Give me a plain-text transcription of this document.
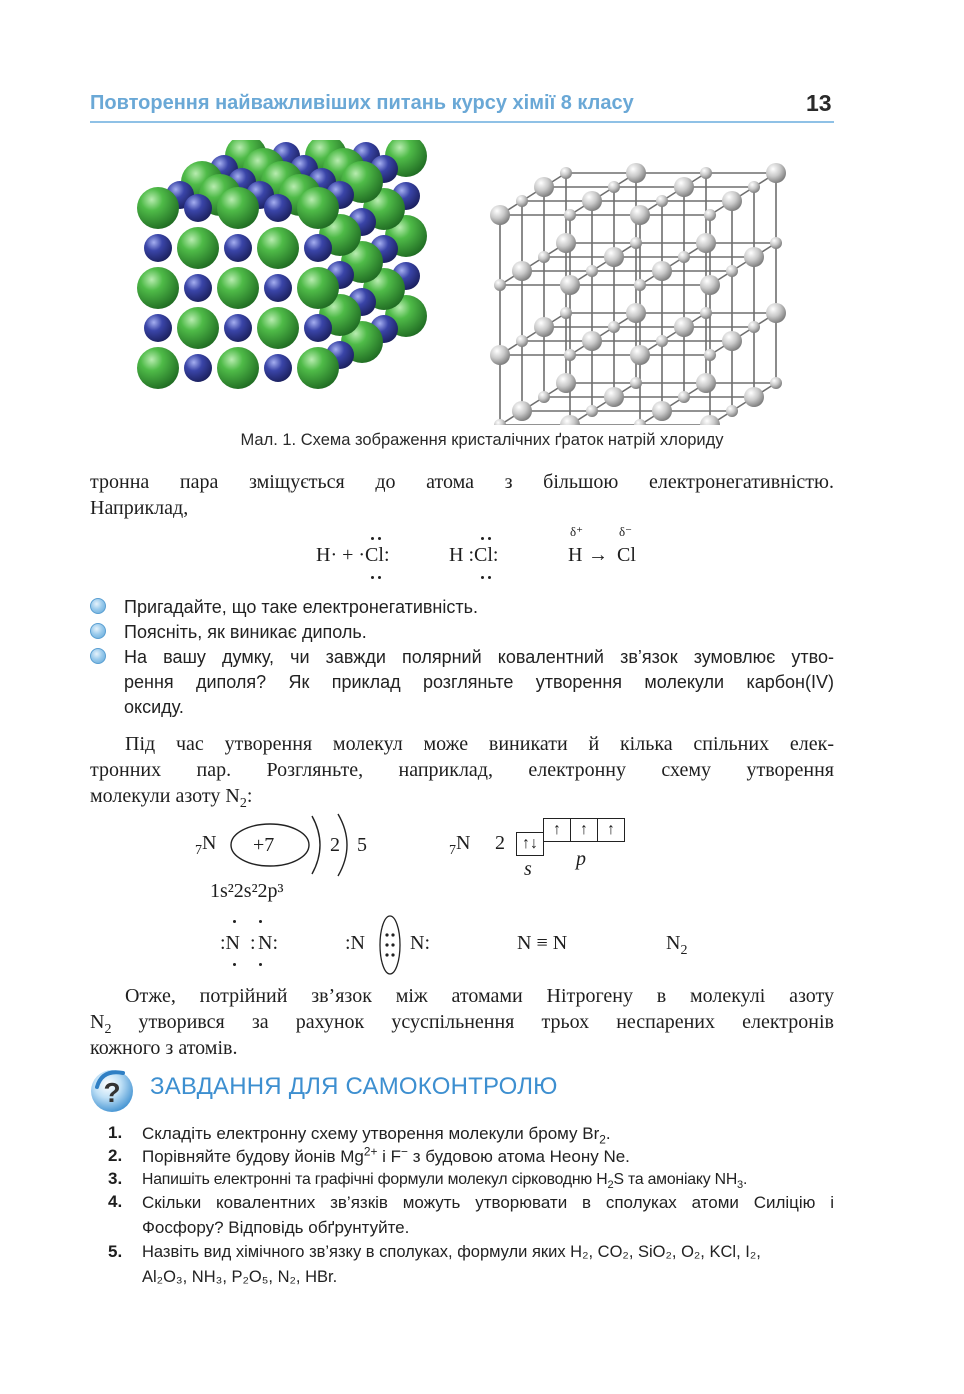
Повторення найважливіших питань курсу хімії 8 класу	13
Мал. 1. Схема зображення кристалічних ґраток натрій хлориду
тронна пара зміщується до атома з більшою електронегативністю.
Наприклад,
H· + ·Cl:	H :Cl:	H → Cl
δ⁺	δ⁻
Пригадайте, що таке електронегативність.
Поясніть, як виникає диполь.
На вашу думку, чи завжди полярний ковалентний зв’язок зумовлює утво-
рення диполя? Як приклад розгляньте утворення молекули карбон(IV)
оксиду.
Під час утворення молекул може виникати й кілька спільних елек-
тронних пар. Розгляньте, наприклад, електронну схему утворення
молекули азоту $N_2$:
$_7$N +7	2 5
1s²2s²2p³
$_7$N 2	↑↓
↑	↑	↑
s p
:N : N:	:N N:	N ≡ N	$N_2$
Отже, потрійний зв’язок між атомами Нітрогену в молекулі азоту
$N_2$ утворився за рахунок усуспільнення трьох неспарених електронів
кожного з атомів.
? ЗАВДАННЯ ДЛЯ САМОКОНТРОЛЮ
1.	Складіть електронну схему утворення молекули брому $Br_2$.
2.	Порівняйте будову йонів $Mg^{2+}$ і F− з будовою атома Неону Ne.
3.	Напишіть електронні та графічні формули молекул сірководню $H_2S$ та амоніаку $NH_3$.
4.	Скільки ковалентних зв’язків можуть утворювати в сполуках атоми Силіцію і
Фосфору? Відповідь обґрунтуйте.
5.	Назвіть вид хімічного зв’язку в сполуках, формули яких H₂, CO₂, SiO₂, O₂, KCl, I₂,
Al₂O₃, NH₃, P₂O₅, N₂, HBr.
